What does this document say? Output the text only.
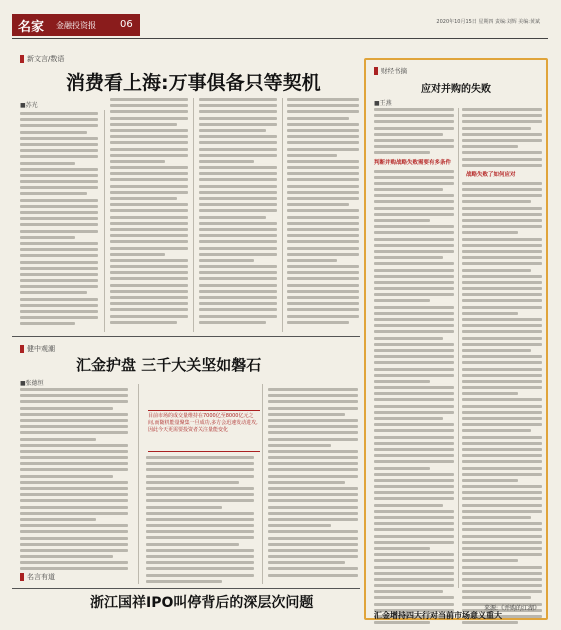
名家 金融投资报 06	2020年10月15日 星期四 责编:刘辉 美编:黄斌
新文言/数语
消费看上海:万事俱备只等契机
■苏光
健中观潮
汇金护盘 三千大关坚如磐石
■张德恒
目前市场的成交量维持在7000亿至8000亿元之间,而随机能量聚集一旦成功,多方会迅速发动进攻,因此今天更需要投资者关注量能变化
名言有道
浙江国祥IPO叫停背后的深层次问题
财经书摘
应对并购的失败
■王燕
判断并购战略失败需要有多条件
战略失败了如何应对
来源:《并购的江湖》
汇金增持四大行对当前市场意义重大
